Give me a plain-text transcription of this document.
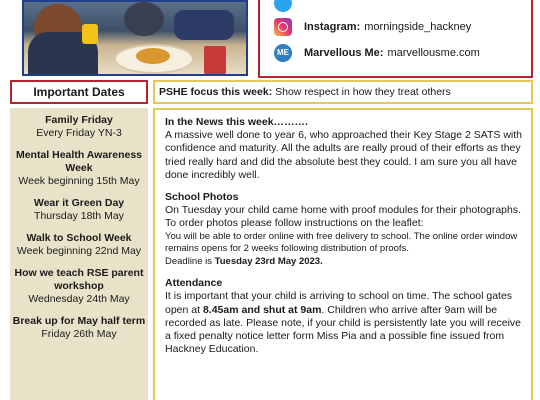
Instagram: morningside_hackney
ME Marvellous Me: marvellousme.com
Important Dates	PSHE focus this week: Show respect in how they treat others
Family Friday
Every Friday YN-3
Mental Health Awareness Week
Week beginning 15th May
Wear it Green Day
Thursday 18th May
Walk to School Week
Week beginning 22nd May
How we teach RSE parent workshop
Wednesday 24th May
Break up for May half term
Friday 26th May
In the News this week……….
A massive well done to year 6, who approached their Key Stage 2 SATS with confidence and maturity. All the adults are really proud of their efforts as they tried really hard and did the absolute best they could. I am sure you all have done incredibly well.
School Photos
On Tuesday your child came home with proof modules for their photographs. To order photos please follow instructions on the leaflet:
You will be able to order online with free delivery to school. The online order window remains opens for 2 weeks following distribution of proofs.
Deadline is Tuesday 23rd May 2023.
Attendance
It is important that your child is arriving to school on time. The school gates open at 8.45am and shut at 9am. Children who arrive after 9am will be recorded as late. Please note, if your child is persistently late you will receive a fixed penalty notice letter form Miss Pia and a possible fine issued from Hackney Education.
